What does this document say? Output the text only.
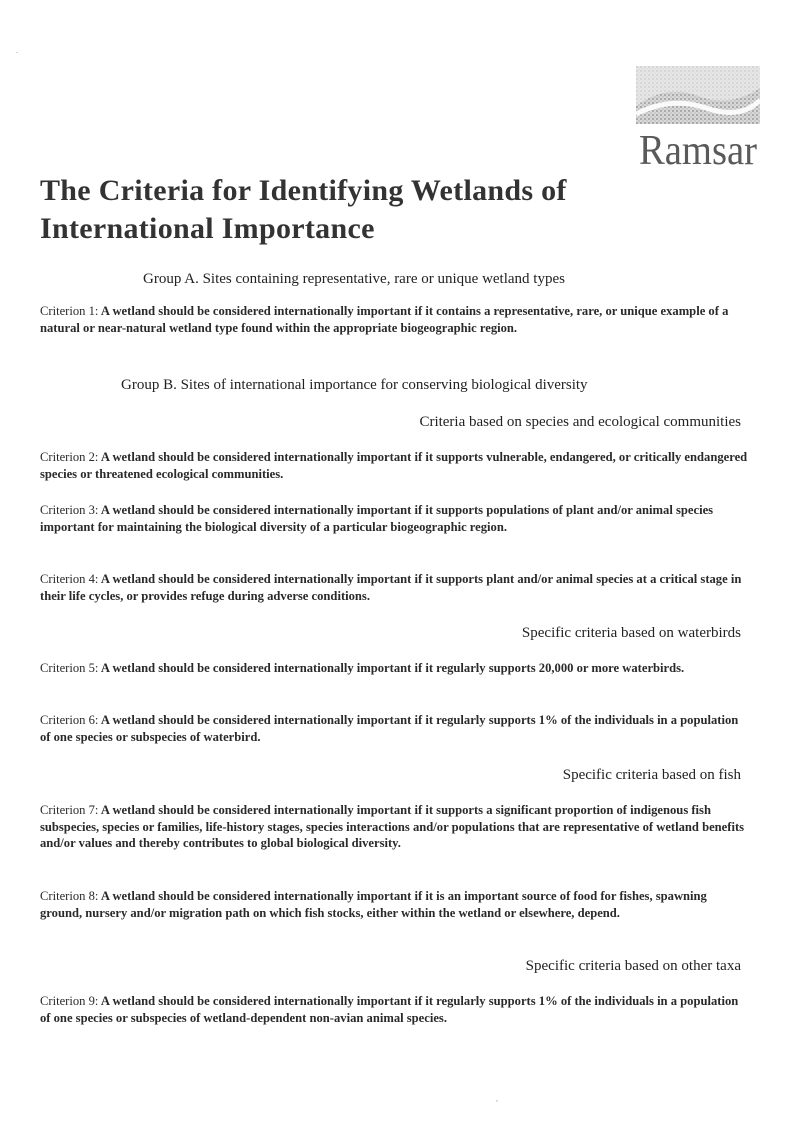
Ramsar
The Criteria for Identifying Wetlands of International Importance
Group A. Sites containing representative, rare or unique wetland types
Criterion 1: A wetland should be considered internationally important if it contains a representative, rare, or unique example of a natural or near-natural wetland type found within the appropriate biogeographic region.
Group B. Sites of international importance for conserving biological diversity
Criteria based on species and ecological communities
Criterion 2: A wetland should be considered internationally important if it supports vulnerable, endangered, or critically endangered species or threatened ecological communities.
Criterion 3: A wetland should be considered internationally important if it supports populations of plant and/or animal species important for maintaining the biological diversity of a particular biogeographic region.
Criterion 4: A wetland should be considered internationally important if it supports plant and/or animal species at a critical stage in their life cycles, or provides refuge during adverse conditions.
Specific criteria based on waterbirds
Criterion 5: A wetland should be considered internationally important if it regularly supports 20,000 or more waterbirds.
Criterion 6: A wetland should be considered internationally important if it regularly supports 1% of the individuals in a population of one species or subspecies of waterbird.
Specific criteria based on fish
Criterion 7: A wetland should be considered internationally important if it supports a significant proportion of indigenous fish subspecies, species or families, life-history stages, species interactions and/or populations that are representative of wetland benefits and/or values and thereby contributes to global biological diversity.
Criterion 8: A wetland should be considered internationally important if it is an important source of food for fishes, spawning ground, nursery and/or migration path on which fish stocks, either within the wetland or elsewhere, depend.
Specific criteria based on other taxa
Criterion 9: A wetland should be considered internationally important if it regularly supports 1% of the individuals in a population of one species or subspecies of wetland-dependent non-avian animal species.
,
.
